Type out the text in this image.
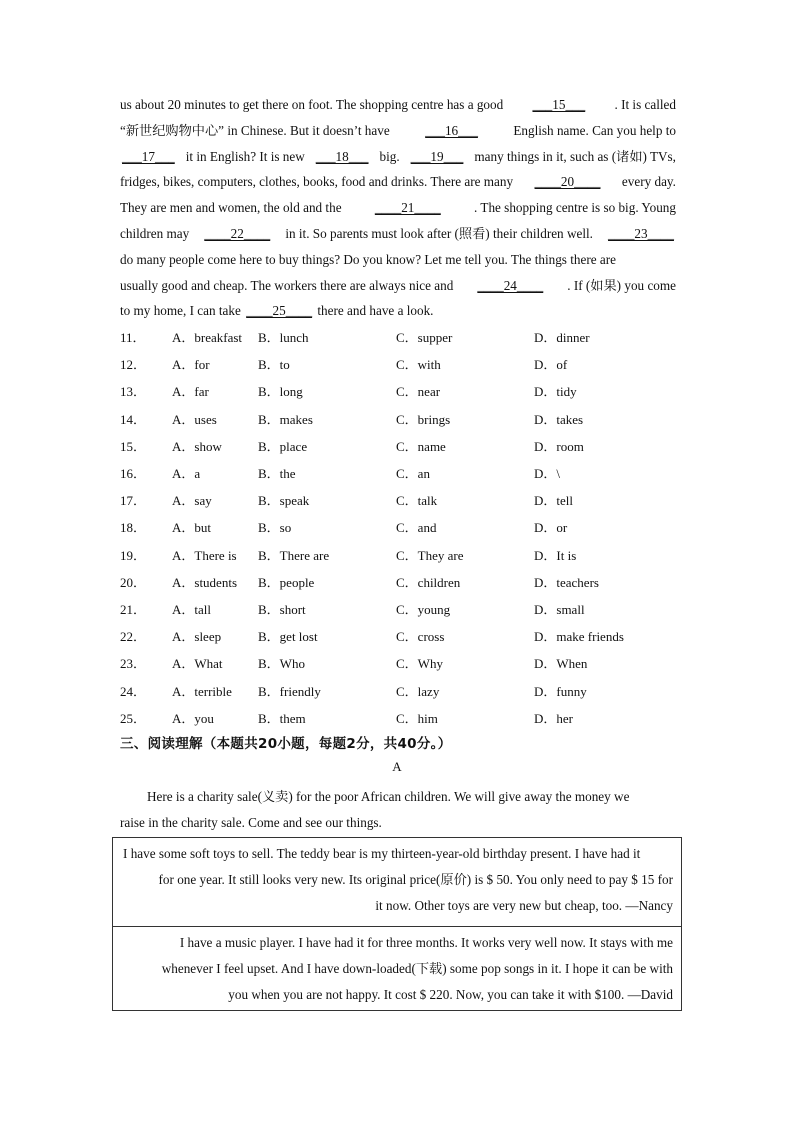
us about 20 minutes to get there on foot. The shopping centre has a good ___15___ . It is called
“新世纪购物中心” in Chinese. But it doesn’t have	___16___	English name. Can you help to
___17___ it in English? It is new ___18___ big. ___19___ many things in it, such as (诸如) TVs,
fridges, bikes, computers, clothes, books, food and drinks. There are many ____20____ every day.
They are men and women, the old and the	____21____	. The shopping centre is so big. Young
children may ____22____ in it. So parents must look after (照看) their children well. ____23____
do many people come here to buy things? Do you know? Let me tell you. The things there are
usually good and cheap. The workers there are always nice and ____24____ . If (如果) you come
to my home, I can take
____25____
there and have a look.
11．	A．breakfast	B．lunch	C．supper	D．dinner
12．	A．for	B．to	C．with	D．of
13．	A．far	B．long	C．near	D．tidy
14．	A．uses	B．makes	C．brings	D．takes
15．	A．show	B．place	C．name	D．room
16．	A．a	B．the	C．an	D．\
17．	A．say	B．speak	C．talk	D．tell
18．	A．but	B．so	C．and	D．or
19．	A．There is	B．There are	C．They are	D．It is
20．	A．students	B．people	C．children	D．teachers
21．	A．tall	B．short	C．young	D．small
22．	A．sleep	B．get lost	C．cross	D．make friends
23．	A．What	B．Who	C．Why	D．When
24．	A．terrible	B．friendly	C．lazy	D．funny
25．	A．you	B．them	C．him	D．her
三、阅读理解（本题共20小题，每题2分，共40分。）
A
Here is a charity sale(义卖) for the poor African children. We will give away the money we
raise in the charity sale. Come and see our things.
I have some soft toys to sell. The teddy bear is my thirteen-year-old birthday present. I have had it
for one year. It still looks very new. Its original price(原价) is $ 50. You only need to pay $ 15 for
it now. Other toys are very new but cheap, too. —Nancy
I have a music player. I have had it for three months. It works very well now. It stays with me
whenever I feel upset. And I have down-loaded(下载) some pop songs in it. I hope it can be with
you when you are not happy. It cost $ 220. Now, you can take it with $100. —David
